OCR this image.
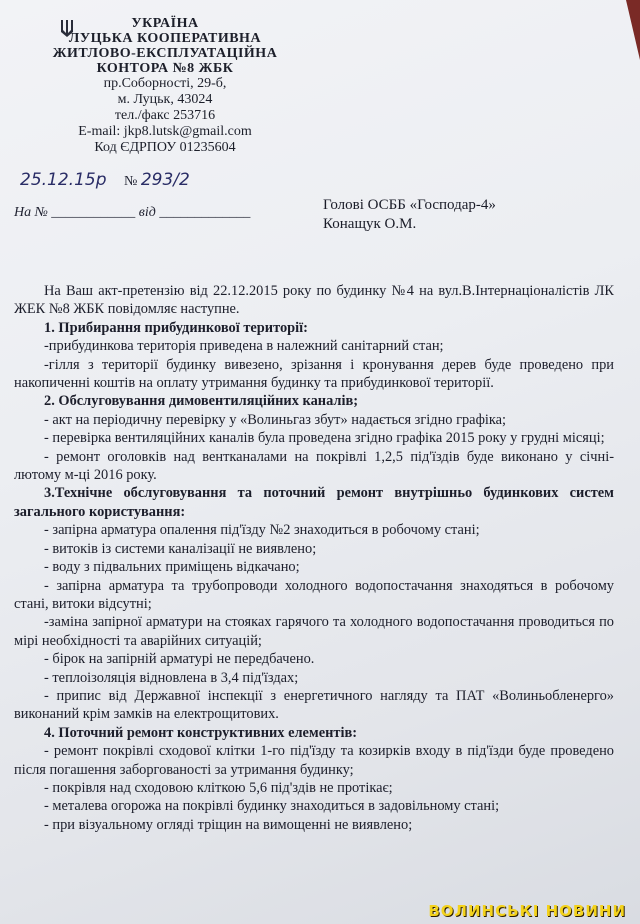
УКРАЇНА
ЛУЦЬКА КООПЕРАТИВНА
ЖИТЛОВО-ЕКСПЛУАТАЦІЙНА
КОНТОРА №8 ЖБК
пр.Соборності, 29-б,
м. Луцьк, 43024
тел./факс 253716
E-mail: jkp8.lutsk@gmail.com
Код ЄДРПОУ 01235604
25.12.15р № 293/2
На № ____________ від _____________	Голові ОСББ «Господар-4»
Конащук О.М.

На Ваш акт-претензію від 22.12.2015 року по будинку №4 на вул.В.Інтернаціоналістів ЛК ЖЕК №8 ЖБК повідомляє наступне.

1. Прибирання прибудинкової території:

-прибудинкова територія приведена в належний санітарний стан;

-гілля з території будинку вивезено, зрізання і кронування дерев буде проведено при накопиченні коштів на оплату утримання будинку та прибудинкової території.

2. Обслуговування димовентиляційних каналів;

- акт на періодичну перевірку у «Волиньгаз збут» надається згідно графіка;

- перевірка вентиляційних каналів була проведена згідно графіка 2015 року у грудні місяці;

- ремонт оголовків над вентканалами на покрівлі 1,2,5 під'їздів буде виконано у січні-лютому м-ці 2016 року.

3.Технічне обслуговування та поточний ремонт внутрішньо будинкових систем загального користування:

- запірна арматура опалення під'їзду №2 знаходиться в робочому стані;

- витоків із системи каналізації не виявлено;

- воду з підвальних приміщень відкачано;

- запірна арматура та трубопроводи холодного водопостачання знаходяться в робочому стані, витоки відсутні;

-заміна запірної арматури на стояках гарячого та холодного водопостачання проводиться по мірі необхідності та аварійних ситуацій;

- бірок на запірній арматурі не передбачено.

- теплоізоляція відновлена в 3,4 під'їздах;

- припис від Державної інспекції з енергетичного нагляду та ПАТ «Волиньобленерго» виконаний крім замків на електрощитових.

4. Поточний ремонт конструктивних елементів:

- ремонт покрівлі сходової клітки 1-го під'їзду та козирків входу в під'їзди буде проведено після погашення заборгованості за утримання будинку;

- покрівля над сходовою кліткою 5,6 під'здів не протікає;

- металева огорожа на покрівлі будинку знаходиться в задовільному стані;

- при візуальному огляді тріщин на вимощенні не виявлено;

ВОЛИНСЬКІ НОВИНИ
